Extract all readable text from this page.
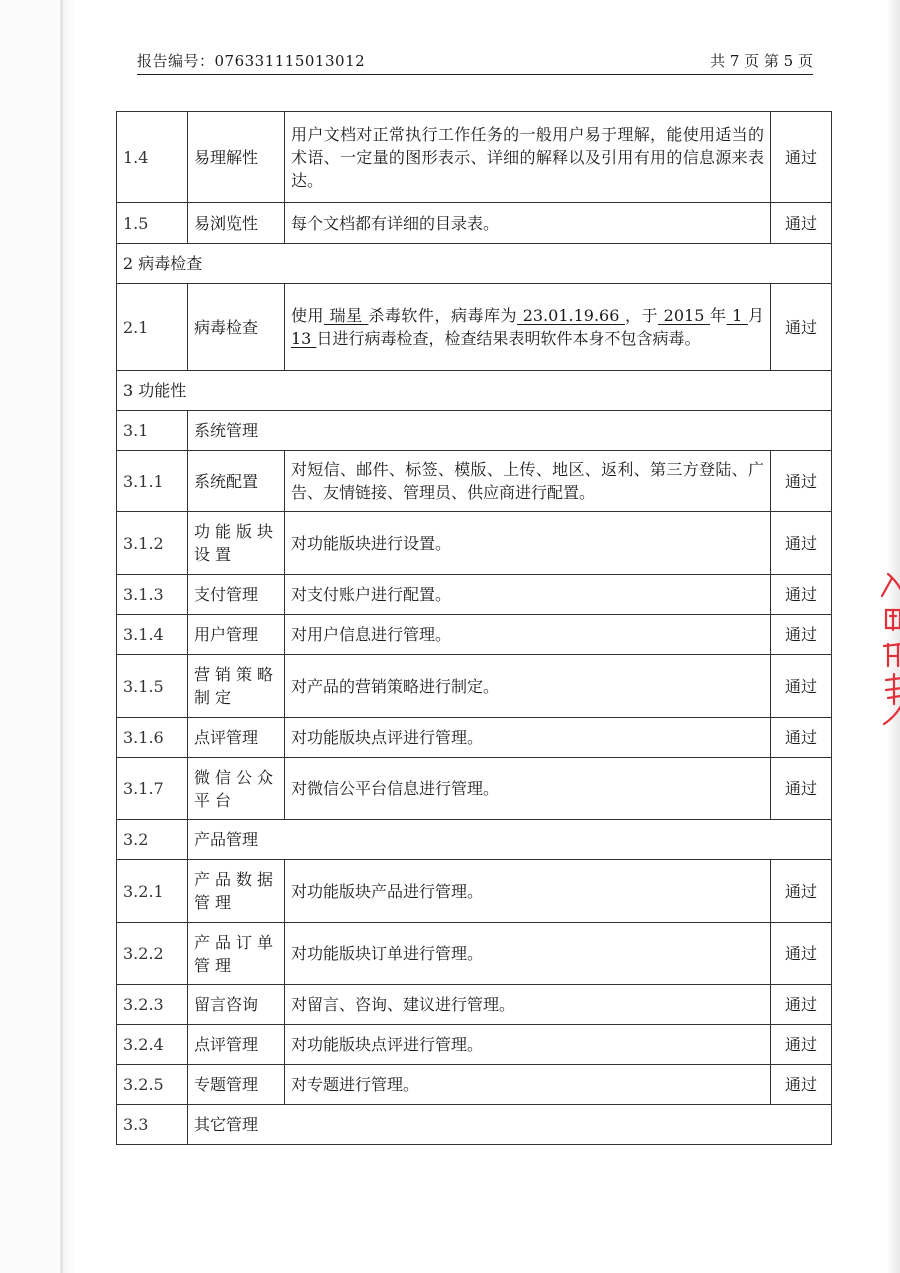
报告编号：076331115013012	共 7 页 第 5 页
1.4	易理解性	用户文档对正常执行工作任务的一般用户易于理解，能使用适当的术语、一定量的图形表示、详细的解释以及引用有用的信息源来表达。	通过
1.5	易浏览性	每个文档都有详细的目录表。	通过
2 病毒检查			
2.1	病毒检查	使用 瑞星 杀毒软件，病毒库为 23.01.19.66 ，于 2015 年 1 月 13 日进行病毒检查，检查结果表明软件本身不包含病毒。	通过
3 功能性			
3.1	系统管理		
3.1.1	系统配置	对短信、邮件、标签、模版、上传、地区、返利、第三方登陆、广告、友情链接、管理员、供应商进行配置。	通过
3.1.2	功能版块设置	对功能版块进行设置。	通过
3.1.3	支付管理	对支付账户进行配置。	通过
3.1.4	用户管理	对用户信息进行管理。	通过
3.1.5	营销策略制定	对产品的营销策略进行制定。	通过
3.1.6	点评管理	对功能版块点评进行管理。	通过
3.1.7	微信公众平台	对微信公平台信息进行管理。	通过
3.2	产品管理		
3.2.1	产品数据管理	对功能版块产品进行管理。	通过
3.2.2	产品订单管理	对功能版块订单进行管理。	通过
3.2.3	留言咨询	对留言、咨询、建议进行管理。	通过
3.2.4	点评管理	对功能版块点评进行管理。	通过
3.2.5	专题管理	对专题进行管理。	通过
3.3	其它管理		
